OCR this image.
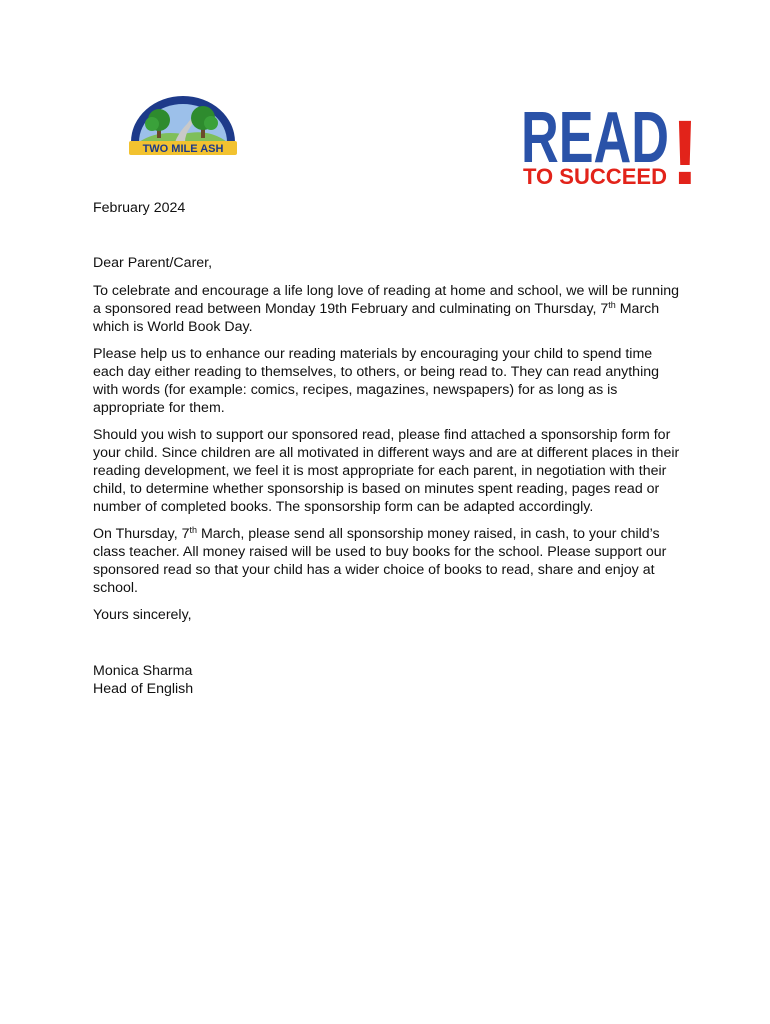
TWO MILE ASH	READ !
TO SUCCEED

February 2024

Dear Parent/Carer,

To celebrate and encourage a life long love of reading at home and school, we will be running a sponsored read between Monday 19th February and culminating on Thursday, 7th March which is World Book Day.

Please help us to enhance our reading materials by encouraging your child to spend time each day either reading to themselves, to others, or being read to. They can read anything with words (for example: comics, recipes, magazines, newspapers) for as long as is appropriate for them.

Should you wish to support our sponsored read, please find attached a sponsorship form for your child. Since children are all motivated in different ways and are at different places in their reading development, we feel it is most appropriate for each parent, in negotiation with their child, to determine whether sponsorship is based on minutes spent reading, pages read or number of completed books. The sponsorship form can be adapted accordingly.

On Thursday, 7th March, please send all sponsorship money raised, in cash, to your child’s class teacher. All money raised will be used to buy books for the school. Please support our sponsored read so that your child has a wider choice of books to read, share and enjoy at school.

Yours sincerely,

Monica Sharma

Head of English
